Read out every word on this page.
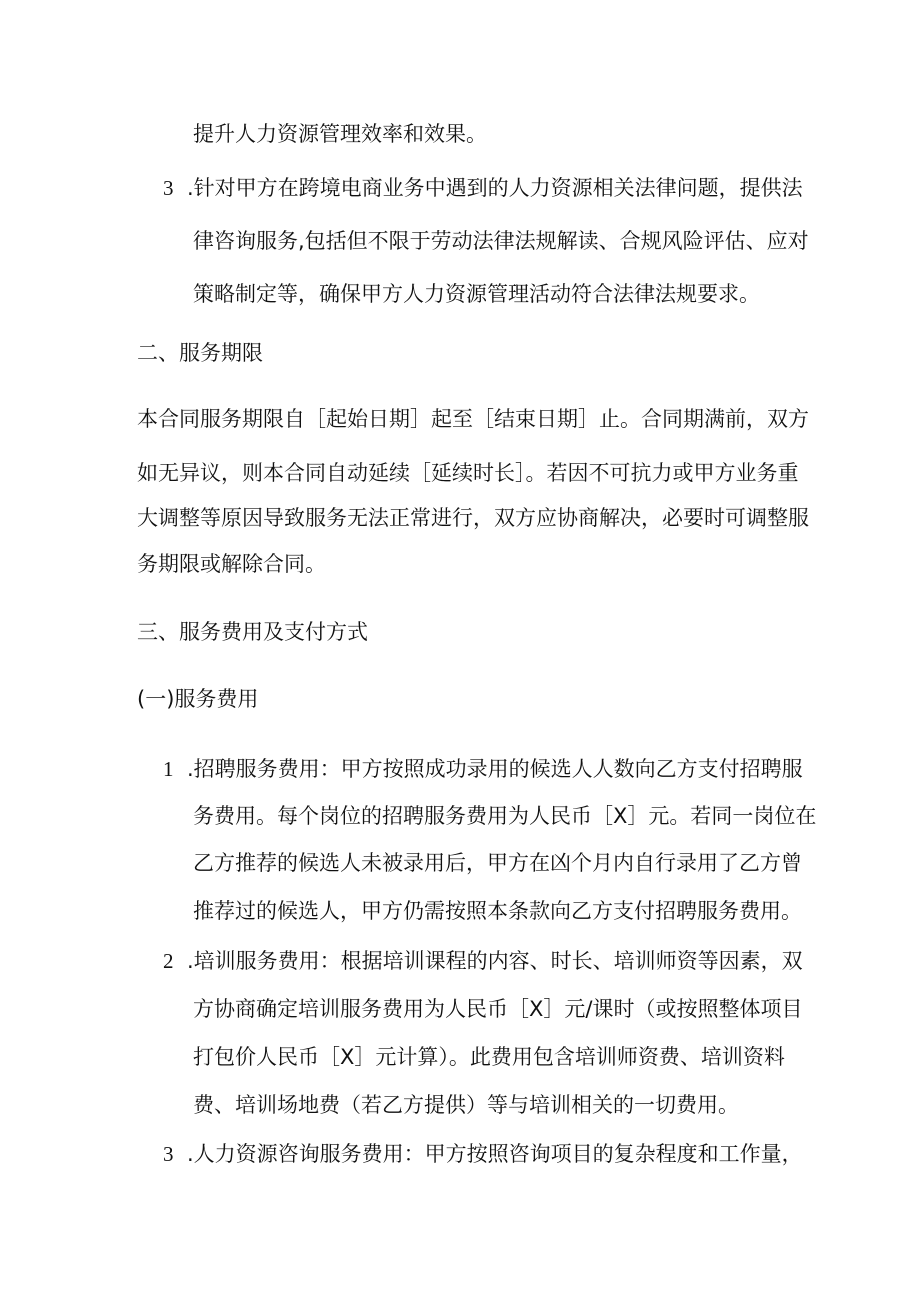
提升人力资源管理效率和效果。
3 .针对甲方在跨境电商业务中遇到的人力资源相关法律问题，提供法
律咨询服务,包括但不限于劳动法律法规解读、合规风险评估、应对
策略制定等，确保甲方人力资源管理活动符合法律法规要求。
二、服务期限
本合同服务期限自［起始日期］起至［结束日期］止。合同期满前，双方
如无异议，则本合同自动延续［延续时长］。若因不可抗力或甲方业务重
大调整等原因导致服务无法正常进行，双方应协商解决，必要时可调整服
务期限或解除合同。
三、服务费用及支付方式
(一)服务费用
1 .招聘服务费用：甲方按照成功录用的候选人人数向乙方支付招聘服
务费用。每个岗位的招聘服务费用为人民币［X］元。若同一岗位在
乙方推荐的候选人未被录用后，甲方在凶个月内自行录用了乙方曾
推荐过的候选人，甲方仍需按照本条款向乙方支付招聘服务费用。
2 .培训服务费用：根据培训课程的内容、时长、培训师资等因素，双
方协商确定培训服务费用为人民币［X］元/课时（或按照整体项目
打包价人民币［X］元计算）。此费用包含培训师资费、培训资料
费、培训场地费（若乙方提供）等与培训相关的一切费用。
3 .人力资源咨询服务费用：甲方按照咨询项目的复杂程度和工作量，
